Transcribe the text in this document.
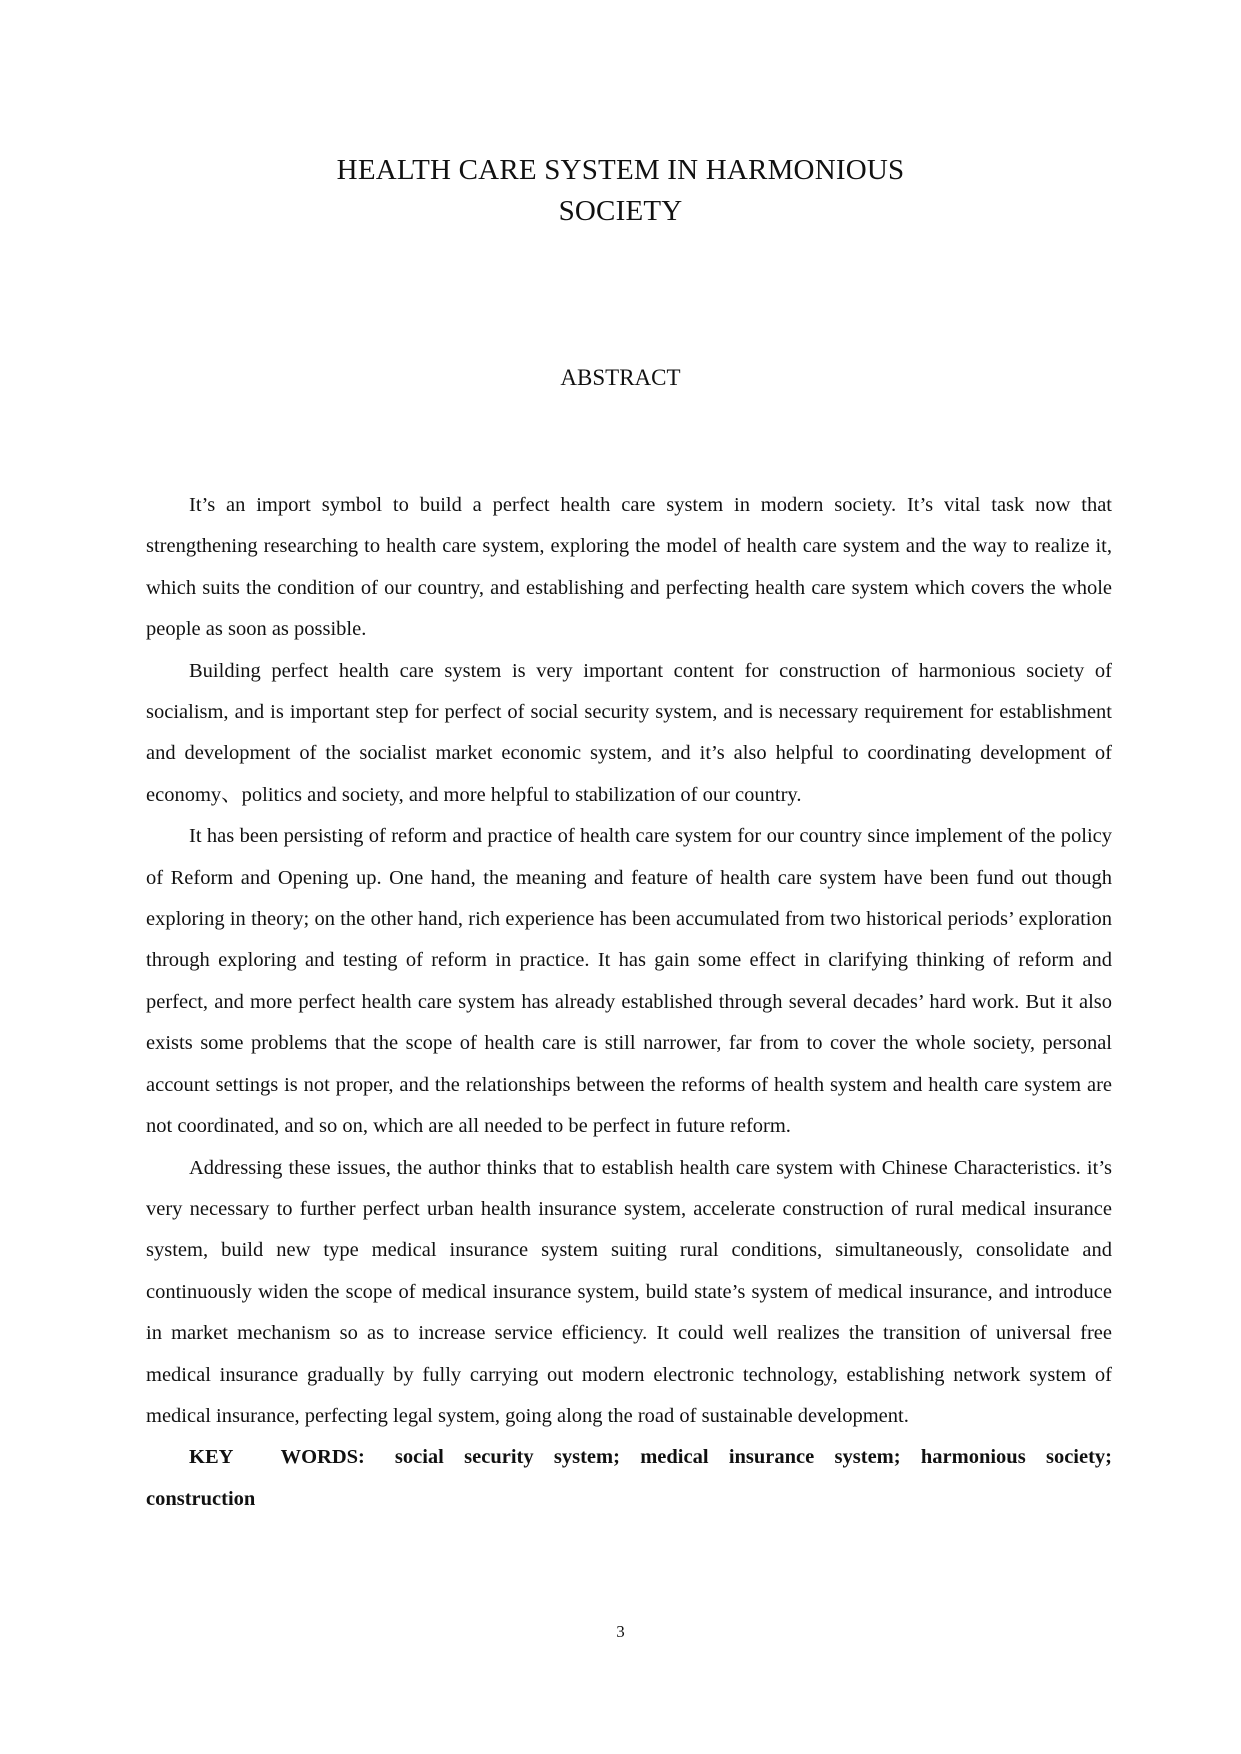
HEALTH CARE SYSTEM IN HARMONIOUS
SOCIETY
ABSTRACT

It’s an import symbol to build a perfect health care system in modern society. It’s vital task now that strengthening researching to health care system, exploring the model of health care system and the way to realize it, which suits the condition of our country, and establishing and perfecting health care system which covers the whole people as soon as possible.

Building perfect health care system is very important content for construction of harmonious society of socialism, and is important step for perfect of social security system, and is necessary requirement for establishment and development of the socialist market economic system, and it’s also helpful to coordinating development of economy、politics and society, and more helpful to stabilization of our country.

It has been persisting of reform and practice of health care system for our country since implement of the policy of Reform and Opening up. One hand, the meaning and feature of health care system have been fund out though exploring in theory; on the other hand, rich experience has been accumulated from two historical periods’ exploration through exploring and testing of reform in practice. It has gain some effect in clarifying thinking of reform and perfect, and more perfect health care system has already established through several decades’ hard work. But it also exists some problems that the scope of health care is still narrower, far from to cover the whole society, personal account settings is not proper, and the relationships between the reforms of health system and health care system are not coordinated, and so on, which are all needed to be perfect in future reform.

Addressing these issues, the author thinks that to establish health care system with Chinese Characteristics. it’s very necessary to further perfect urban health insurance system, accelerate construction of rural medical insurance system, build new type medical insurance system suiting rural conditions, simultaneously, consolidate and continuously widen the scope of medical insurance system, build state’s system of medical insurance, and introduce in market mechanism so as to increase service efficiency. It could well realizes the transition of universal free medical insurance gradually by fully carrying out modern electronic technology, establishing network system of medical insurance, perfecting legal system, going along the road of sustainable development.

KEY WORDS: social security system; medical insurance system; harmonious society; construction

3
